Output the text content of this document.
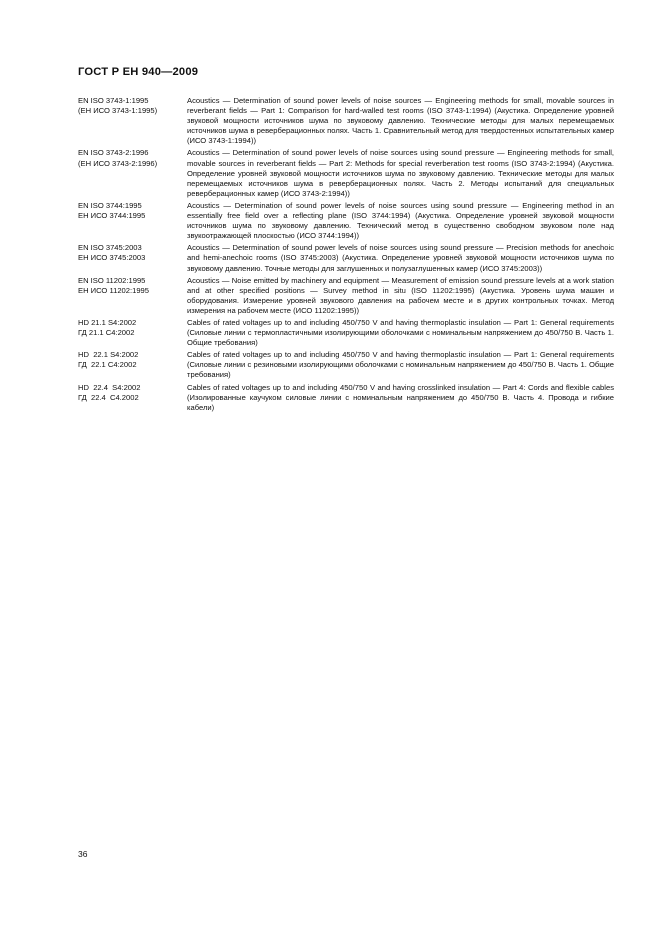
ГОСТ Р ЕН 940—2009
EN ISO 3743-1:1995
(ЕН ИСО 3743-1:1995)
Acoustics — Determination of sound power levels of noise sources — Engineering methods for small, movable sources in reverberant fields — Part 1: Comparison for hard-walled test rooms (ISO 3743-1:1994) (Акустика. Определение уровней звуковой мощности источников шума по звуковому давлению. Технические методы для малых перемещаемых источников шума в реверберационных полях. Часть 1. Сравнительный метод для твердостенных испытательных камер (ИСО 3743-1:1994))
EN ISO 3743-2:1996
(ЕН ИСО 3743-2:1996)
Acoustics — Determination of sound power levels of noise sources using sound pressure — Engineering methods for small, movable sources in reverberant fields — Part 2: Methods for special reverberation test rooms (ISO 3743-2:1994) (Акустика. Определение уровней звуковой мощности источников шума по звуковому давлению. Технические методы для малых перемещаемых источников шума в реверберационных полях. Часть 2. Методы испытаний для специальных реверберационных камер (ИСО 3743-2:1994))
EN ISO 3744:1995
ЕН ИСО 3744:1995
Acoustics — Determination of sound power levels of noise sources using sound pressure — Engineering method in an essentially free field over a reflecting plane (ISO 3744:1994) (Акустика. Определение уровней звуковой мощности источников шума по звуковому давлению. Технический метод в существенно свободном звуковом поле над звукоотражающей плоскостью (ИСО 3744:1994))
EN ISO 3745:2003
ЕН ИСО 3745:2003
Acoustics — Determination of sound power levels of noise sources using sound pressure — Precision methods for anechoic and hemi-anechoic rooms (ISO 3745:2003) (Акустика. Определение уровней звуковой мощности источников шума по звуковому давлению. Точные методы для заглушенных и полузаглушенных камер (ИСО 3745:2003))
EN ISO 11202:1995
ЕН ИСО 11202:1995
Acoustics — Noise emitted by machinery and equipment — Measurement of emission sound pressure levels at a work station and at other specified positions — Survey method in situ (ISO 11202:1995) (Акустика. Уровень шума машин и оборудования. Измерение уровней звукового давления на рабочем месте и в других контрольных точках. Метод измерения на рабочем месте (ИСО 11202:1995))
HD 21.1 S4:2002
ГД 21.1 С4:2002
Cables of rated voltages up to and including 450/750 V and having thermoplastic insulation — Part 1: General requirements (Силовые линии с термопластичными изолирующими оболочками с номинальным напряжением до 450/750 В. Часть 1. Общие требования)
HD  22.1 S4:2002
ГД  22.1 С4:2002
Cables of rated voltages up to and including 450/750 V and having thermoplastic insulation — Part 1: General requirements (Силовые линии с резиновыми изолирующими оболочками с номинальным напряжением до 450/750 В. Часть 1. Общие требования)
HD  22.4  S4:2002
ГД  22.4  С4.2002
Cables of rated voltages up to and including 450/750 V and having crosslinked insulation — Part 4: Cords and flexible cables (Изолированные каучуком силовые линии с номинальным напряжением до 450/750 В. Часть 4. Провода и гибкие кабели)
36
